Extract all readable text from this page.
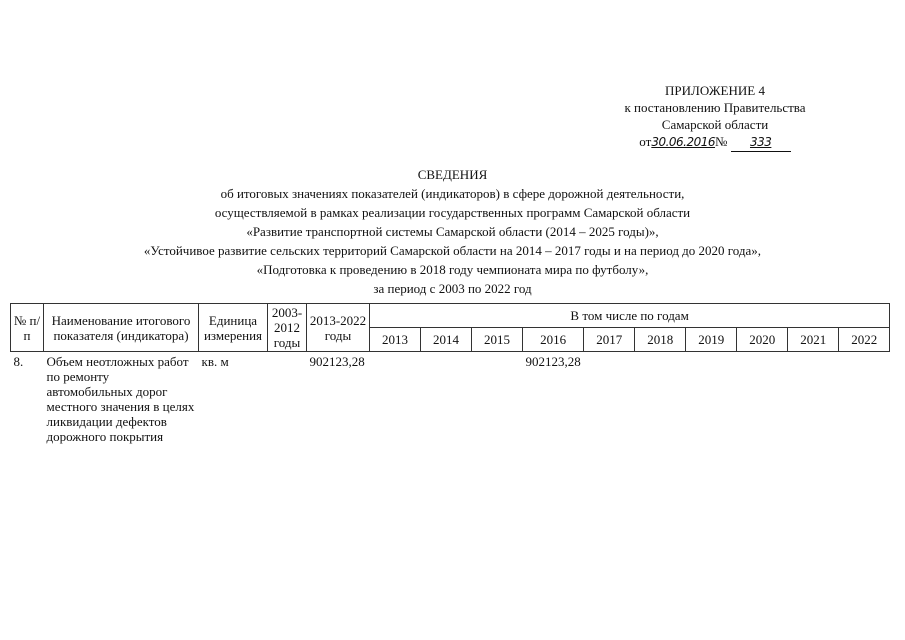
ПРИЛОЖЕНИЕ 4
к постановлению Правительства
Самарской области
от30.06.2016№ 333
СВЕДЕНИЯ
об итоговых значениях показателей (индикаторов) в сфере дорожной деятельности,
осуществляемой в рамках реализации государственных программ Самарской области
«Развитие транспортной системы Самарской области (2014 – 2025 годы)»,
«Устойчивое развитие сельских территорий Самарской области на 2014 – 2017 годы и на период до 2020 года»,
«Подготовка к проведению в 2018 году чемпионата мира по футболу»,
за период с 2003 по 2022 год
№ п/п	Наименование итогового показателя (индикатора)	Единица измерения	2003-2012 годы	2013-2022 годы	В том числе по годам									
					2013	2014	2015	2016	2017	2018	2019	2020	2021	2022
8.	Объем неотложных работ по ремонту автомобильных дорог местного значения в целях ликвидации дефектов дорожного покрытия	кв. м		902123,28				902123,28						
